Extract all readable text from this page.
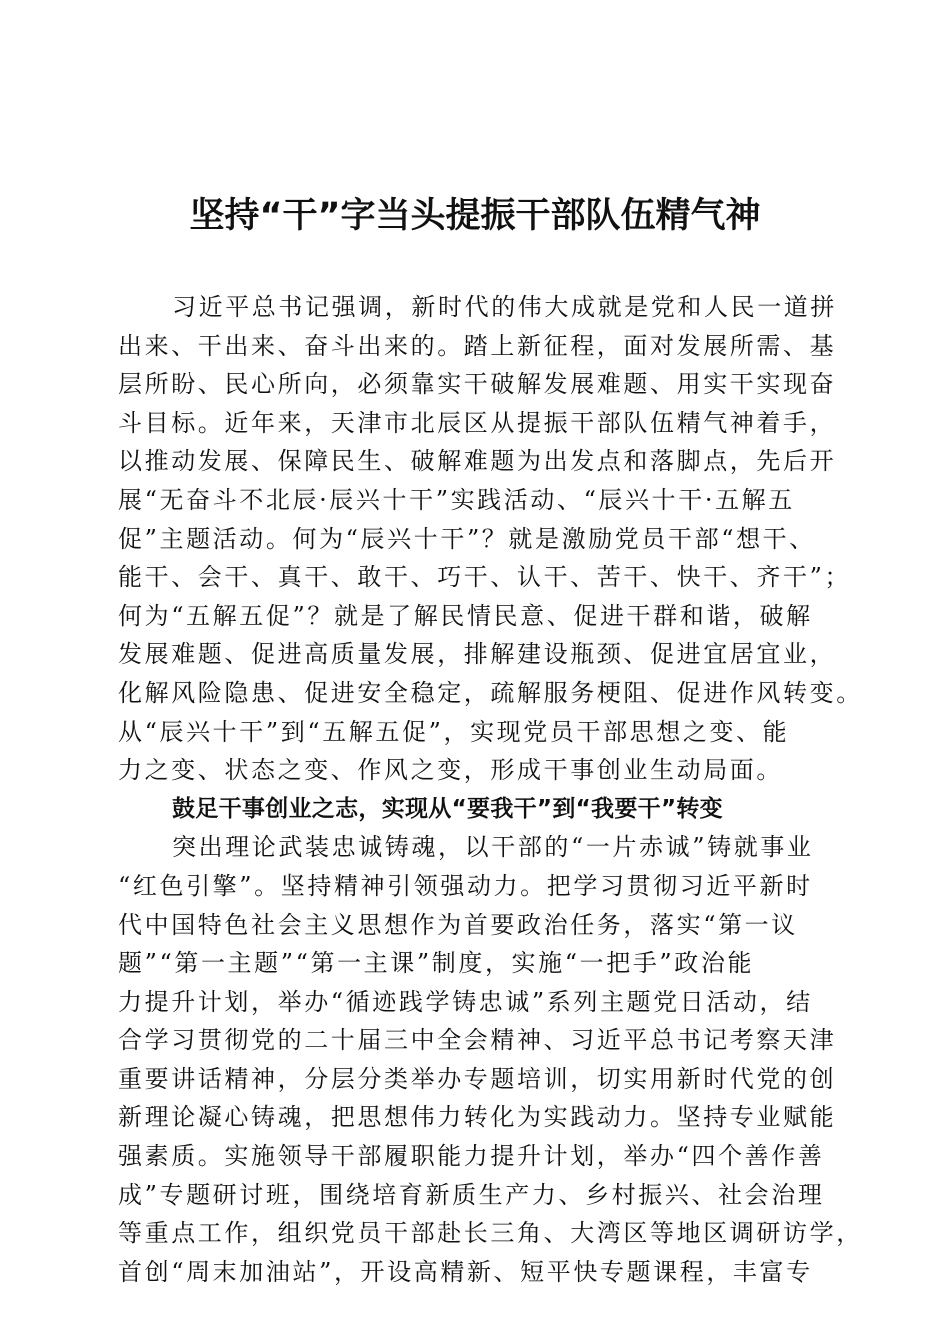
坚持“干”字当头提振干部队伍精气神
习近平总书记强调，新时代的伟大成就是党和人民一道拼
出来、干出来、奋斗出来的。踏上新征程，面对发展所需、基
层所盼、民心所向，必须靠实干破解发展难题、用实干实现奋
斗目标。近年来，天津市北辰区从提振干部队伍精气神着手，
以推动发展、保障民生、破解难题为出发点和落脚点，先后开
展“无奋斗不北辰·辰兴十干”实践活动、“辰兴十干·五解五
促”主题活动。何为“辰兴十干”？就是激励党员干部“想干、
能干、会干、真干、敢干、巧干、认干、苦干、快干、齐干”；
何为“五解五促”？就是了解民情民意、促进干群和谐，破解
发展难题、促进高质量发展，排解建设瓶颈、促进宜居宜业，
化解风险隐患、促进安全稳定，疏解服务梗阻、促进作风转变。
从“辰兴十干”到“五解五促”，实现党员干部思想之变、能
力之变、状态之变、作风之变，形成干事创业生动局面。
鼓足干事创业之志，实现从“要我干”到“我要干”转变
突出理论武装忠诚铸魂，以干部的“一片赤诚”铸就事业
“红色引擎”。坚持精神引领强动力。把学习贯彻习近平新时
代中国特色社会主义思想作为首要政治任务，落实“第一议
题”“第一主题”“第一主课”制度，实施“一把手”政治能
力提升计划，举办“循迹践学铸忠诚”系列主题党日活动，结
合学习贯彻党的二十届三中全会精神、习近平总书记考察天津
重要讲话精神，分层分类举办专题培训，切实用新时代党的创
新理论凝心铸魂，把思想伟力转化为实践动力。坚持专业赋能
强素质。实施领导干部履职能力提升计划，举办“四个善作善
成”专题研讨班，围绕培育新质生产力、乡村振兴、社会治理
等重点工作，组织党员干部赴长三角、大湾区等地区调研访学，
首创“周末加油站”，开设高精新、短平快专题课程，丰富专
